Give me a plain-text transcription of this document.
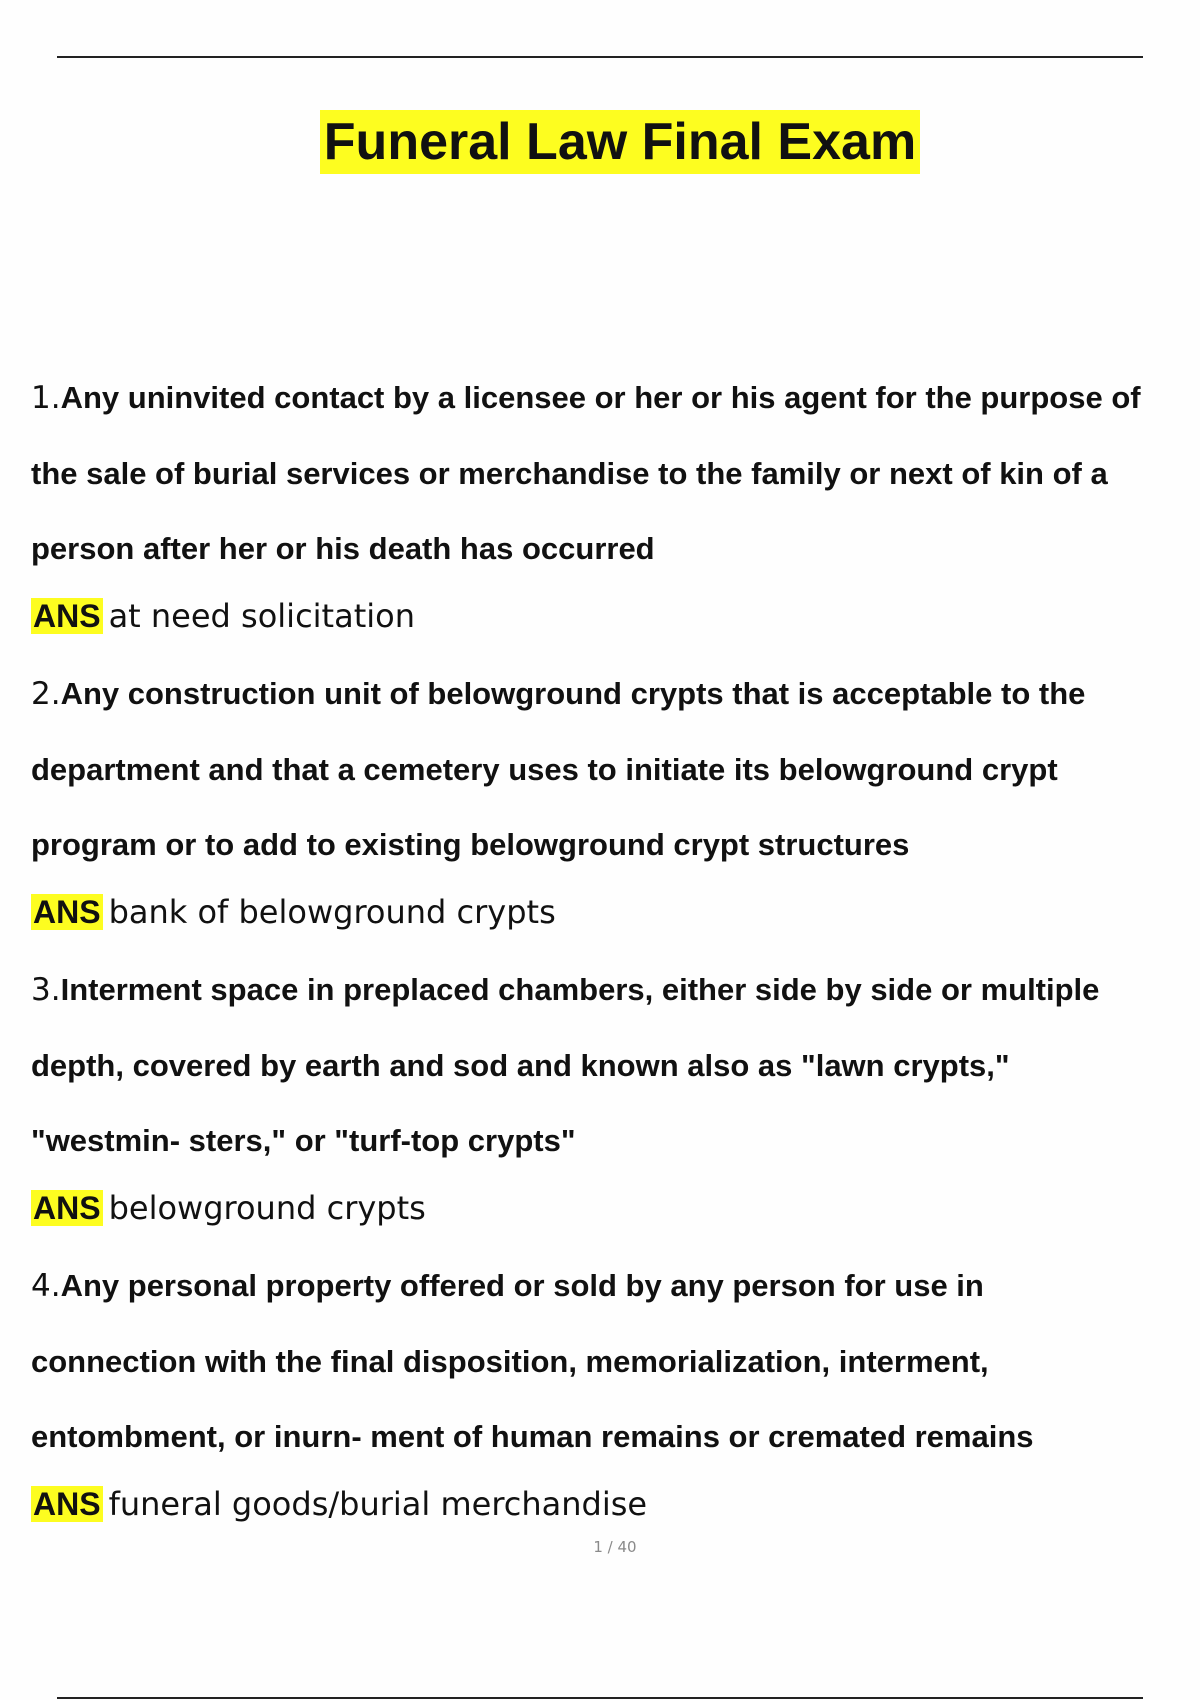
Funeral Law Final Exam
1.Any uninvited contact by a licensee or her or his agent for the purpose of
the sale of burial services or merchandise to the family or next of kin of a
person after her or his death has occurred
ANS at need solicitation
2.Any construction unit of belowground crypts that is acceptable to the
department and that a cemetery uses to initiate its belowground crypt
program or to add to existing belowground crypt structures
ANS bank of belowground crypts
3.Interment space in preplaced chambers, either side by side or multiple
depth, covered by earth and sod and known also as "lawn crypts,"
"westmin- sters," or "turf-top crypts"
ANS belowground crypts
4.Any personal property offered or sold by any person for use in
connection with the final disposition, memorialization, interment,
entombment, or inurn- ment of human remains or cremated remains
ANS funeral goods/burial merchandise
1 / 40
